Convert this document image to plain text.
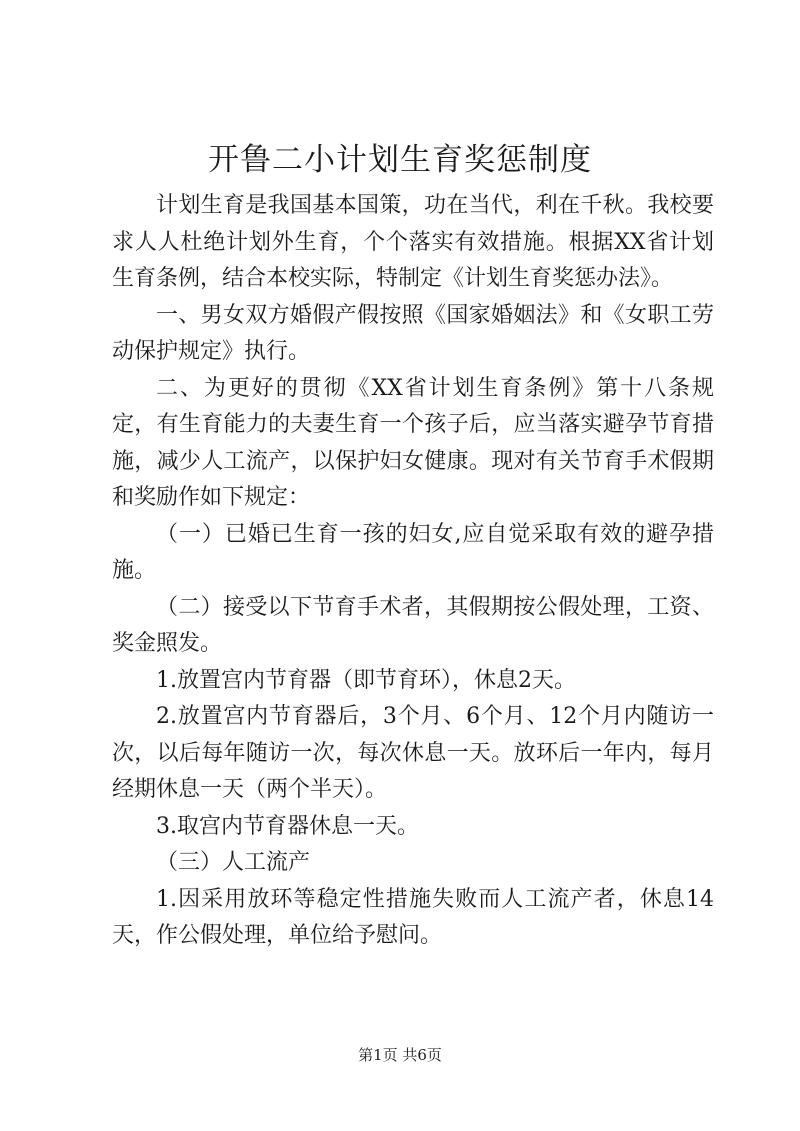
开鲁二小计划生育奖惩制度

计划生育是我国基本国策，功在当代，利在千秋。我校要求人人杜绝计划外生育，个个落实有效措施。根据XX省计划生育条例，结合本校实际，特制定《计划生育奖惩办法》。

一、男女双方婚假产假按照《国家婚姻法》和《女职工劳动保护规定》执行。

二、为更好的贯彻《XX省计划生育条例》第十八条规定，有生育能力的夫妻生育一个孩子后，应当落实避孕节育措施，减少人工流产，以保护妇女健康。现对有关节育手术假期和奖励作如下规定：

（一）已婚已生育一孩的妇女,应自觉采取有效的避孕措施。

（二）接受以下节育手术者，其假期按公假处理，工资、奖金照发。

1.放置宫内节育器（即节育环），休息2天。

2.放置宫内节育器后，3个月、6个月、12个月内随访一次，以后每年随访一次，每次休息一天。放环后一年内，每月经期休息一天（两个半天）。

3.取宫内节育器休息一天。

（三）人工流产

1.因采用放环等稳定性措施失败而人工流产者，休息14天，作公假处理，单位给予慰问。

第1页 共6页
